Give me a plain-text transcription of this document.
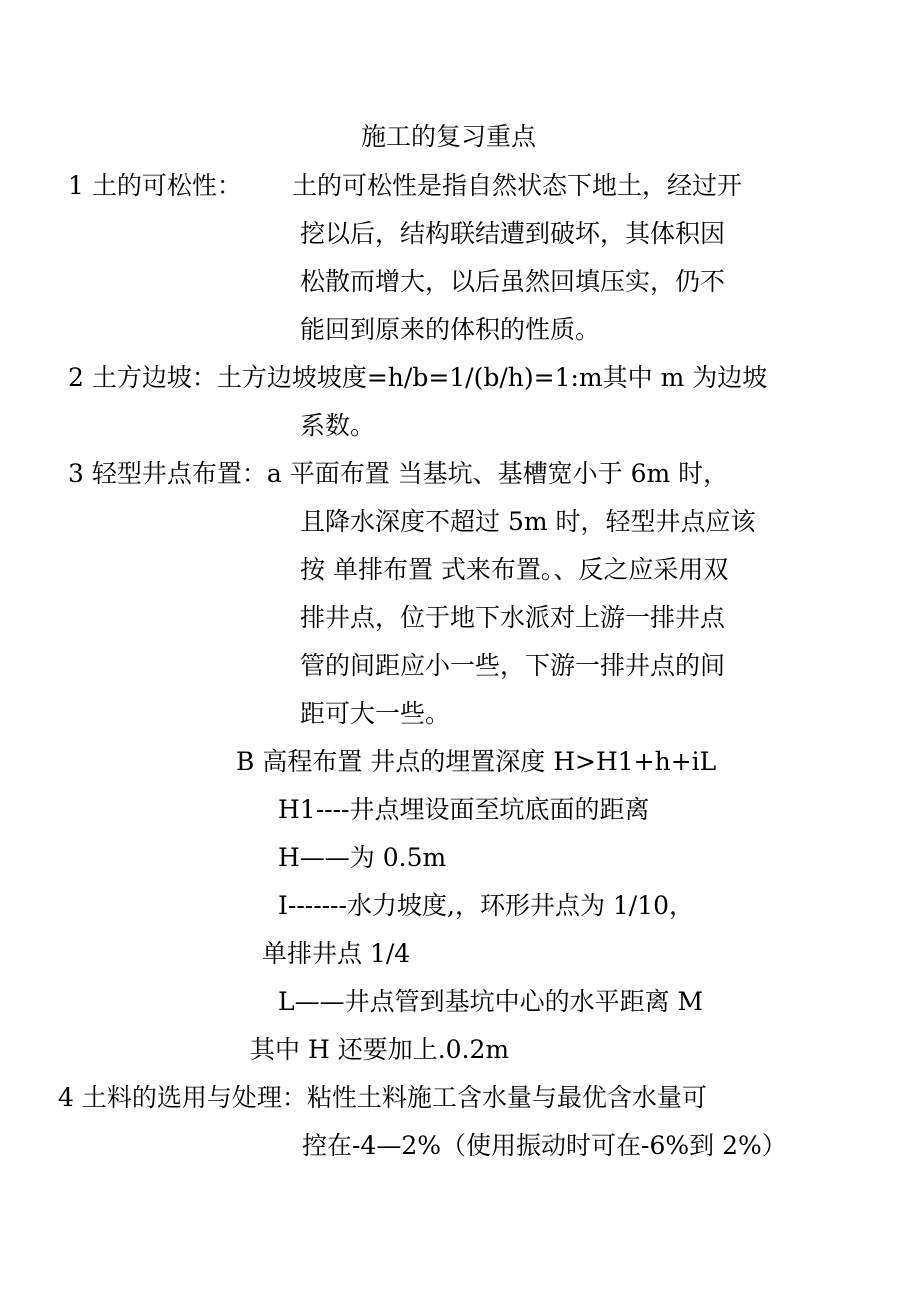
施工的复习重点
1 土的可松性： 土的可松性是指自然状态下地土，经过开
挖以后，结构联结遭到破坏，其体积因
松散而增大，以后虽然回填压实，仍不
能回到原来的体积的性质。
2 土方边坡：土方边坡坡度=h/b=1/(b/h)=1:m其中 m 为边坡
系数。
3 轻型井点布置：a 平面布置 当基坑、基槽宽小于 6m 时，
且降水深度不超过 5m 时，轻型井点应该
按 单排布置 式来布置。、反之应采用双
排井点，位于地下水派对上游一排井点
管的间距应小一些，下游一排井点的间
距可大一些。
B 高程布置 井点的埋置深度 H>H1+h+iL
H1----井点埋设面至坑底面的距离
H——为 0.5m
I-------水力坡度,，环形井点为 1/10，
单排井点 1/4
L——井点管到基坑中心的水平距离 M
其中 H 还要加上.0.2m
4 土料的选用与处理：粘性土料施工含水量与最优含水量可
控在-4—2%（使用振动时可在-6%到 2%）
